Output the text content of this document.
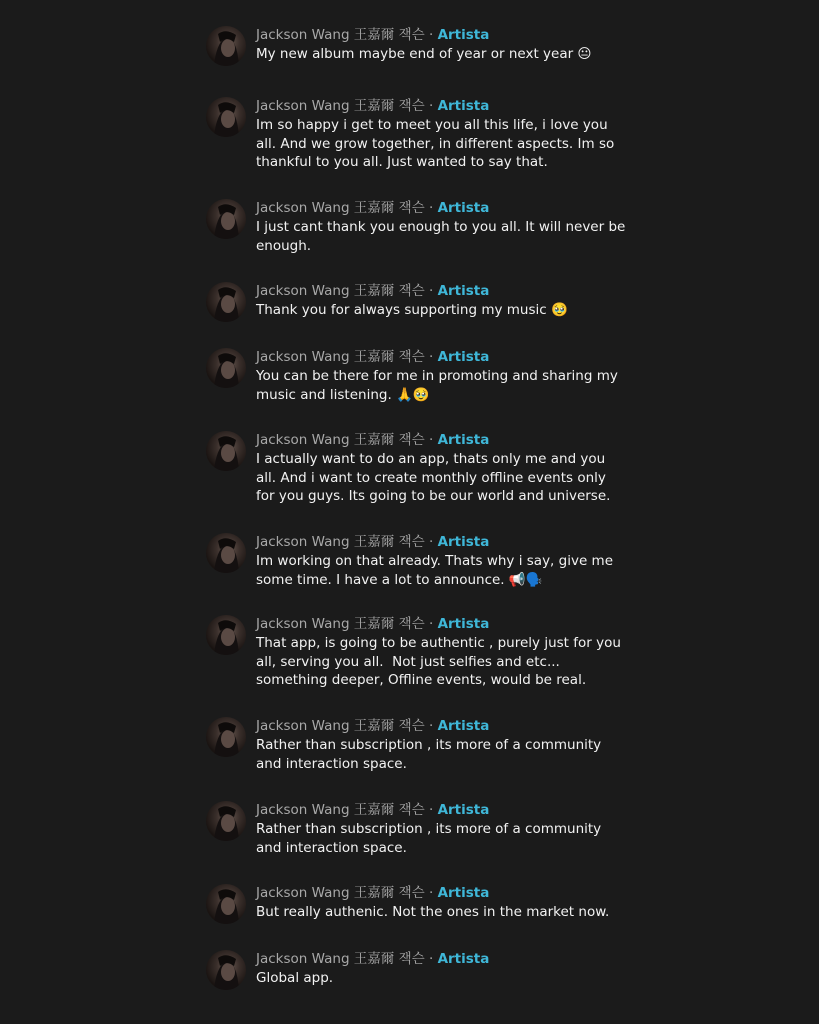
Jackson Wang 王嘉爾 잭슨 · Artista
My new album maybe end of year or next year 😐
Jackson Wang 王嘉爾 잭슨 · Artista
Im so happy i get to meet you all this life, i love you all. And we grow together, in different aspects. Im so thankful to you all. Just wanted to say that.
Jackson Wang 王嘉爾 잭슨 · Artista
I just cant thank you enough to you all. It will never be enough.
Jackson Wang 王嘉爾 잭슨 · Artista
Thank you for always supporting my music 🥹
Jackson Wang 王嘉爾 잭슨 · Artista
You can be there for me in promoting and sharing my music and listening. 🙏🥹
Jackson Wang 王嘉爾 잭슨 · Artista
I actually want to do an app, thats only me and you all. And i want to create monthly offline events only for you guys. Its going to be our world and universe.
Jackson Wang 王嘉爾 잭슨 · Artista
Im working on that already. Thats why i say, give me some time. I have a lot to announce. 📢🗣️
Jackson Wang 王嘉爾 잭슨 · Artista
That app, is going to be authentic , purely just for you all, serving you all.  Not just selfies and etc... something deeper, Offline events, would be real.
Jackson Wang 王嘉爾 잭슨 · Artista
Rather than subscription , its more of a community and interaction space.
Jackson Wang 王嘉爾 잭슨 · Artista
Rather than subscription , its more of a community and interaction space.
Jackson Wang 王嘉爾 잭슨 · Artista
But really authenic. Not the ones in the market now.
Jackson Wang 王嘉爾 잭슨 · Artista
Global app.
